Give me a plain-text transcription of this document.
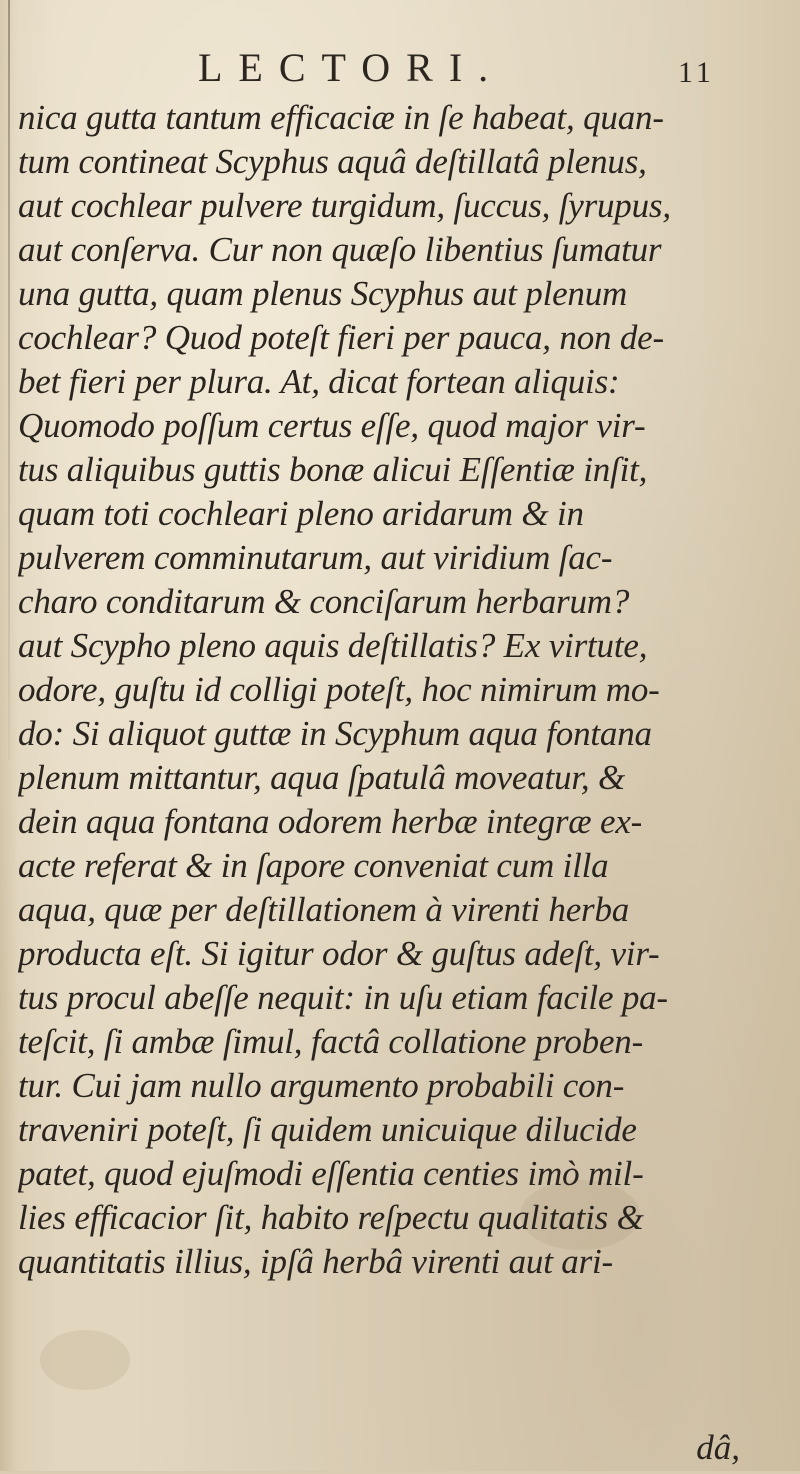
LECTORI.	11
nica gutta tantum efficaciæ in ſe habeat, quan-
tum contineat Scyphus aquâ deſtillatâ plenus,
aut cochlear pulvere turgidum, ſuccus, ſyrupus,
aut conſerva. Cur non quæſo libentius ſumatur
una gutta, quam plenus Scyphus aut plenum
cochlear? Quod poteſt fieri per pauca, non de-
bet fieri per plura. At, dicat fortean aliquis:
Quomodo poſſum certus eſſe, quod major vir-
tus aliquibus guttis bonæ alicui Eſſentiæ inſit,
quam toti cochleari pleno aridarum & in
pulverem comminutarum, aut viridium ſac-
charo conditarum & conciſarum herbarum?
aut Scypho pleno aquis deſtillatis? Ex virtute,
odore, guſtu id colligi poteſt, hoc nimirum mo-
do: Si aliquot guttæ in Scyphum aqua fontana
plenum mittantur, aqua ſpatulâ moveatur, &
dein aqua fontana odorem herbæ integræ ex-
acte referat & in ſapore conveniat cum illa
aqua, quæ per deſtillationem à virenti herba
producta eſt. Si igitur odor & guſtus adeſt, vir-
tus procul abeſſe nequit: in uſu etiam facile pa-
teſcit, ſi ambæ ſimul, factâ collatione proben-
tur. Cui jam nullo argumento probabili con-
traveniri poteſt, ſi quidem unicuique dilucide
patet, quod ejuſmodi eſſentia centies imò mil-
lies efficacior ſit, habito reſpectu qualitatis &
quantitatis illius, ipſâ herbâ virenti aut ari-
dâ,
